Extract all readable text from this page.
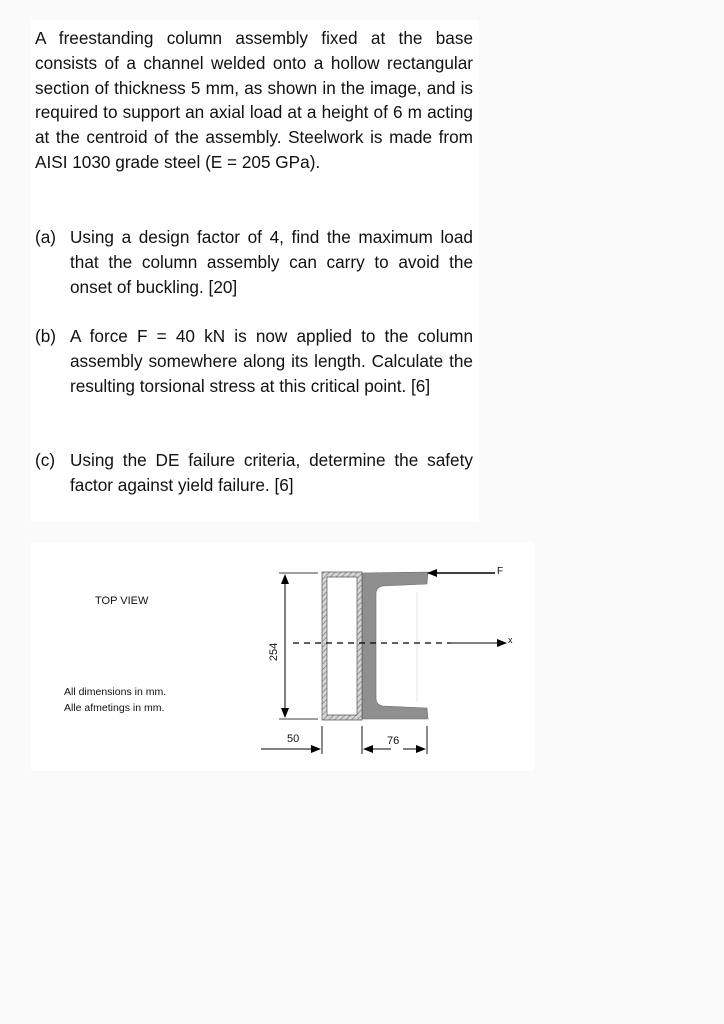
A freestanding column assembly fixed at the base consists of a channel welded onto a hollow rectangular section of thickness 5 mm, as shown in the image, and is required to support an axial load at a height of 6 m acting at the centroid of the assembly. Steelwork is made from AISI 1030 grade steel (E = 205 GPa).
(a) Using a design factor of 4, find the maximum load that the column assembly can carry to avoid the onset of buckling. [20]
(b) A force F = 40 kN is now applied to the column assembly somewhere along its length. Calculate the resulting torsional stress at this critical point. [6]
(c) Using the DE failure criteria, determine the safety factor against yield failure. [6]
TOP VIEW
All dimensions in mm.
Alle afmetings in mm.
x
F
254
50	76
